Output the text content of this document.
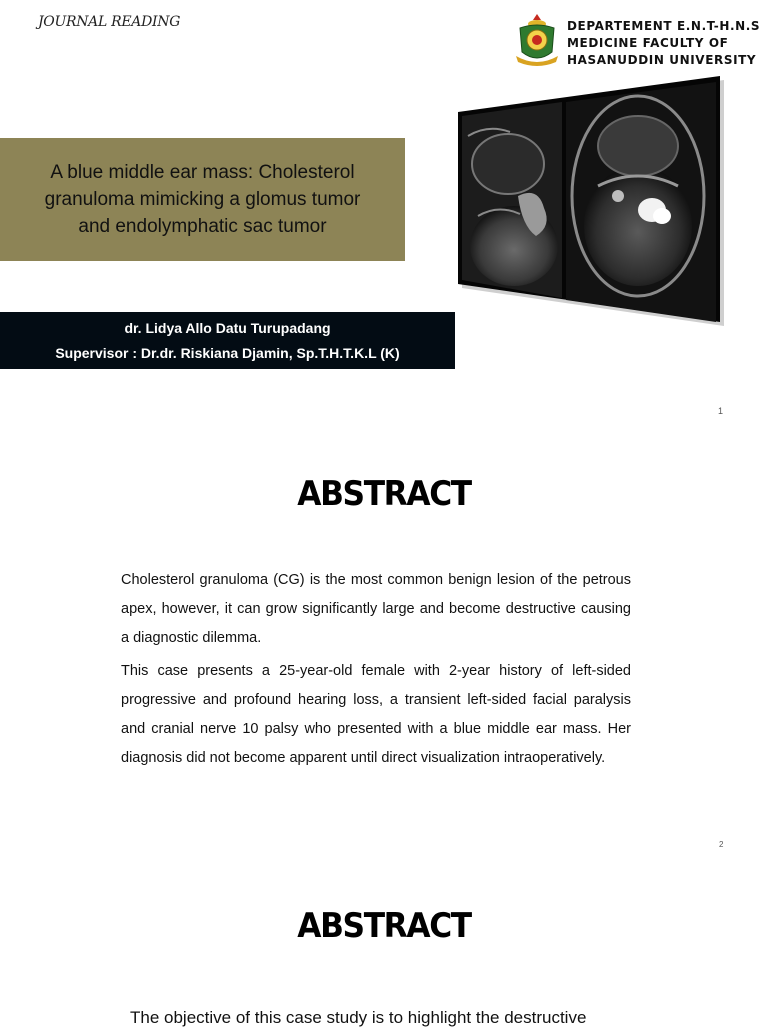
JOURNAL READING	DEPARTEMENT E.N.T-H.N.S
MEDICINE FACULTY OF
HASANUDDIN UNIVERSITY
A blue middle ear mass: Cholesterol
granuloma mimicking a glomus tumor
and endolymphatic sac tumor
dr. Lidya Allo Datu Turupadang
Supervisor : Dr.dr. Riskiana Djamin, Sp.T.H.T.K.L (K)
1
ABSTRACT
Cholesterol granuloma (CG) is the most common benign lesion of the petrous apex, however, it can grow significantly large and become destructive causing a diagnostic dilemma.
This case presents a 25-year-old female with 2-year history of left-sided progressive and profound hearing loss, a transient left-sided facial paralysis and cranial nerve 10 palsy who presented with a blue middle ear mass. Her diagnosis did not become apparent until direct visualization intraoperatively.
2
ABSTRACT
The objective of this case study is to highlight the destructive
